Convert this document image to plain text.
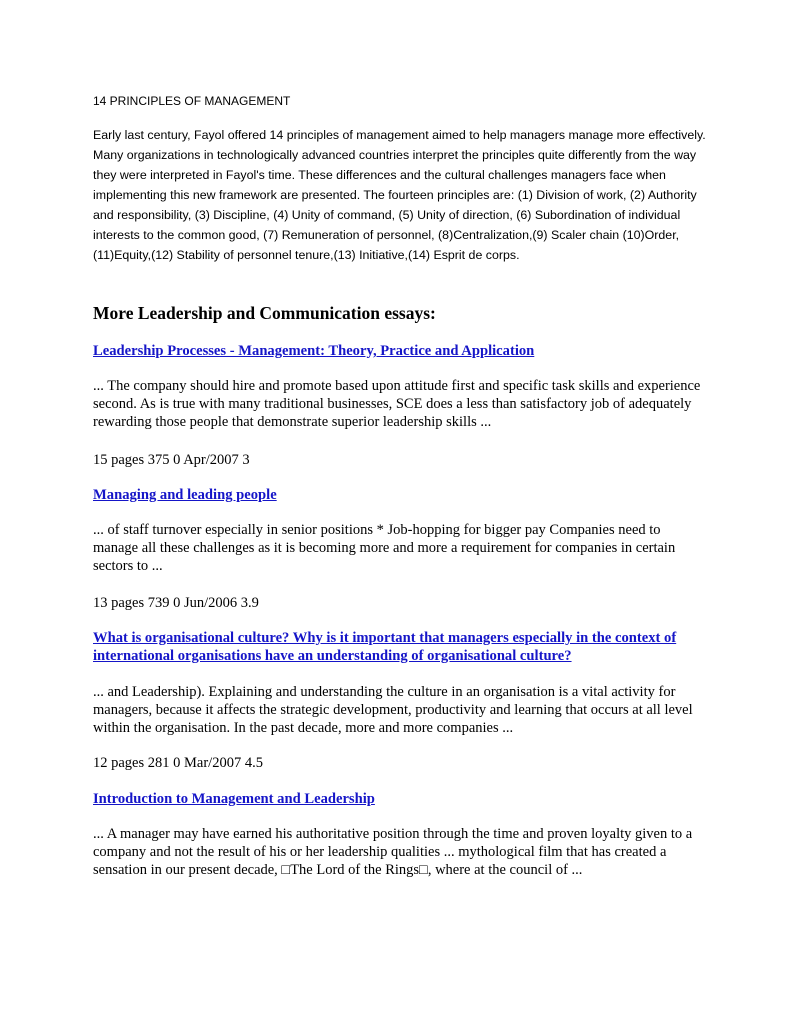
14 PRINCIPLES OF MANAGEMENT

Early last century, Fayol offered 14 principles of management aimed to help managers manage more effectively. Many organizations in technologically advanced countries interpret the principles quite differently from the way they were interpreted in Fayol's time. These differences and the cultural challenges managers face when implementing this new framework are presented. The fourteen principles are: (1) Division of work, (2) Authority and responsibility, (3) Discipline, (4) Unity of command, (5) Unity of direction, (6) Subordination of individual interests to the common good, (7) Remuneration of personnel, (8)Centralization,(9) Scaler chain (10)Order,(11)Equity,(12) Stability of personnel tenure,(13) Initiative,(14) Esprit de corps.

More Leadership and Communication essays:
Leadership Processes - Management: Theory, Practice and Application

... The company should hire and promote based upon attitude first and specific task skills and experience second. As is true with many traditional businesses, SCE does a less than satisfactory job of adequately rewarding those people that demonstrate superior leadership skills ...

15 pages 375 0 Apr/2007 3
Managing and leading people

... of staff turnover especially in senior positions * Job-hopping for bigger pay Companies need to manage all these challenges as it is becoming more and more a requirement for companies in certain sectors to ...

13 pages 739 0 Jun/2006 3.9
What is organisational culture? Why is it important that managers especially in the context of international organisations have an understanding of organisational culture?

... and Leadership). Explaining and understanding the culture in an organisation is a vital activity for managers, because it affects the strategic development, productivity and learning that occurs at all level within the organisation. In the past decade, more and more companies ...

12 pages 281 0 Mar/2007 4.5
Introduction to Management and Leadership

... A manager may have earned his authoritative position through the time and proven loyalty given to a company and not the result of his or her leadership qualities ... mythological film that has created a sensation in our present decade, □The Lord of the Rings□, where at the council of ...
